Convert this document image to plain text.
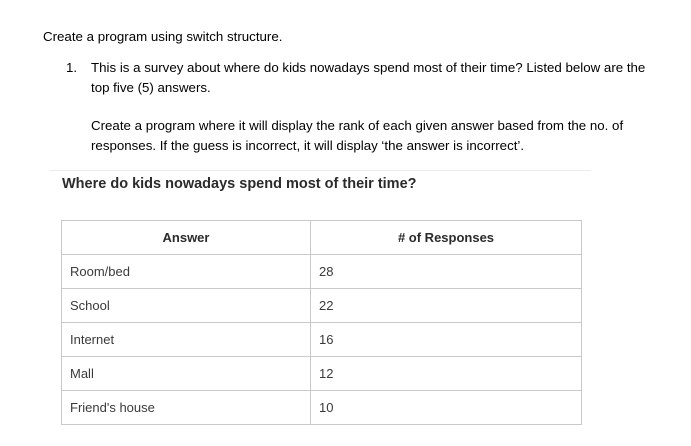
Create a program using switch structure.
1. This is a survey about where do kids nowadays spend most of their time? Listed below are the top five (5) answers.
Create a program where it will display the rank of each given answer based from the no. of responses. If the guess is incorrect, it will display ‘the answer is incorrect’.
Where do kids nowadays spend most of their time?
Answer	# of Responses
Room/bed	28
School	22
Internet	16
Mall	12
Friend's house	10
